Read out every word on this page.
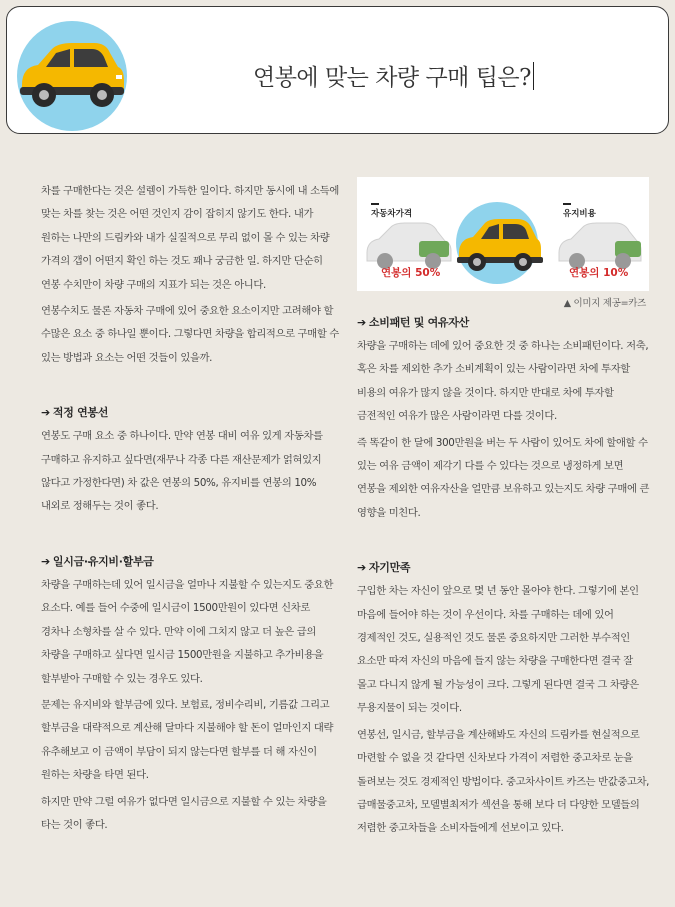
연봉에 맞는 차량 구매 팁은?

차를 구매한다는 것은 설렘이 가득한 일이다. 하지만 동시에 내 소득에 맞는 차를 찾는 것은 어떤 것인지 감이 잡히지 않기도 한다. 내가 원하는 나만의 드림카와 내가 실질적으로 무리 없이 몰 수 있는 차량 가격의 갭이 어떤지 확인 하는 것도 꽤나 궁금한 일. 하지만 단순히 연봉 수치만이 차량 구매의 지표가 되는 것은 아니다.

연봉수치도 물론 자동차 구매에 있어 중요한 요소이지만 고려해야 할 수많은 요소 중 하나일 뿐이다. 그렇다면 차량을 합리적으로 구매할 수 있는 방법과 요소는 어떤 것들이 있을까.

➔ 적정 연봉선

연봉도 구매 요소 중 하나이다. 만약 연봉 대비 여유 있게 자동차를 구매하고 유지하고 싶다면(재무나 각종 다른 재산문제가 얽혀있지 않다고 가정한다면) 차 값은 연봉의 50%, 유지비를 연봉의 10%내외로 정해두는 것이 좋다.

➔ 일시금·유지비·할부금

차량을 구매하는데 있어 일시금을 얼마나 지불할 수 있는지도 중요한 요소다. 예를 들어 수중에 일시금이 1500만원이 있다면 신차로 경차나 소형차를 살 수 있다. 만약 이에 그치지 않고 더 높은 급의 차량을 구매하고 싶다면 일시금 1500만원을 지불하고 추가비용을 할부받아 구매할 수 있는 경우도 있다.

문제는 유지비와 할부금에 있다. 보험료, 정비수리비, 기름값 그리고 할부금을 대략적으로 계산해 달마다 지불해야 할 돈이 얼마인지 대략 유추해보고 이 금액이 부담이 되지 않는다면 할부를 더 해 자신이 원하는 차량을 타면 된다.

하지만 만약 그럴 여유가 없다면 일시금으로 지불할 수 있는 차량을 타는 것이 좋다.

자동차가격	유지비용
연봉의 50%	연봉의 10%
▲ 이미지 제공=카즈
➔ 소비패턴 및 여유자산

차량을 구매하는 데에 있어 중요한 것 중 하나는 소비패턴이다. 저축, 혹은 차를 제외한 추가 소비계획이 있는 사람이라면 차에 투자할 비용의 여유가 많지 않을 것이다. 하지만 반대로 차에 투자할 금전적인 여유가 많은 사람이라면 다를 것이다.

즉 똑같이 한 달에 300만원을 버는 두 사람이 있어도 차에 할애할 수 있는 여유 금액이 제각기 다를 수 있다는 것으로 냉정하게 보면 연봉을 제외한 여유자산을 얼만큼 보유하고 있는지도 차량 구매에 큰 영향을 미친다.

➔ 자기만족

구입한 차는 자신이 앞으로 몇 년 동안 몰아야 한다. 그렇기에 본인 마음에 들어야 하는 것이 우선이다. 차를 구매하는 데에 있어 경제적인 것도, 실용적인 것도 물론 중요하지만 그러한 부수적인 요소만 따져 자신의 마음에 들지 않는 차량을 구매한다면 결국 잘 몰고 다니지 않게 될 가능성이 크다. 그렇게 된다면 결국 그 차량은 무용지물이 되는 것이다.

연봉선, 일시금, 할부금을 계산해봐도 자신의 드림카를 현실적으로 마련할 수 없을 것 같다면 신차보다 가격이 저렴한 중고차로 눈을 돌려보는 것도 경제적인 방법이다. 중고차사이트 카즈는 반값중고차, 급매물중고차, 모델별최저가 섹션을 통해 보다 더 다양한 모델들의 저렴한 중고차들을 소비자들에게 선보이고 있다.
